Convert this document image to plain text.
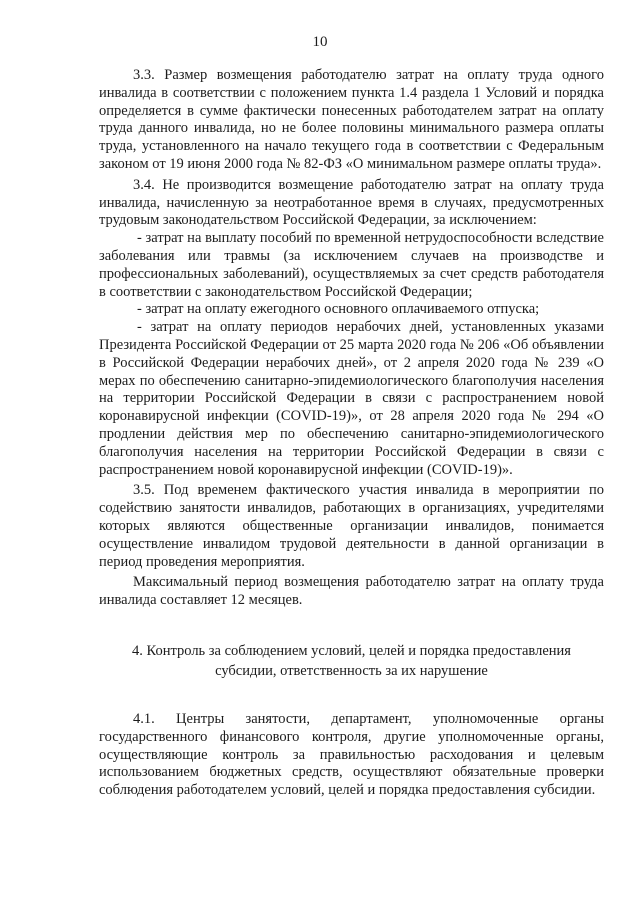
10

3.3. Размер возмещения работодателю затрат на оплату труда одного инвалида в соответствии с положением пункта 1.4 раздела 1 Условий и порядка определяется в сумме фактически понесенных работодателем затрат на оплату труда данного инвалида, но не более половины минимального размера оплаты труда, установленного на начало текущего года в соответствии с Федеральным законом от 19 июня 2000 года № 82-ФЗ «О минимальном размере оплаты труда».

3.4. Не производится возмещение работодателю затрат на оплату труда инвалида, начисленную за неотработанное время в случаях, предусмотренных трудовым законодательством Российской Федерации, за исключением:

- затрат на выплату пособий по временной нетрудоспособности вследствие заболевания или травмы (за исключением случаев на производстве и профессиональных заболеваний), осуществляемых за счет средств работодателя в соответствии с законодательством Российской Федерации;

- затрат на оплату ежегодного основного оплачиваемого отпуска;

- затрат на оплату периодов нерабочих дней, установленных указами Президента Российской Федерации от 25 марта 2020 года № 206 «Об объявлении в Российской Федерации нерабочих дней», от 2 апреля 2020 года № 239 «О мерах по обеспечению санитарно-эпидемиологического благополучия населения на территории Российской Федерации в связи с распространением новой коронавирусной инфекции (COVID-19)», от 28 апреля 2020 года № 294 «О продлении действия мер по обеспечению санитарно-эпидемиологического благополучия населения на территории Российской Федерации в связи с распространением новой коронавирусной инфекции (COVID-19)».

3.5. Под временем фактического участия инвалида в мероприятии по содействию занятости инвалидов, работающих в организациях, учредителями которых являются общественные организации инвалидов, понимается осуществление инвалидом трудовой деятельности в данной организации в период проведения мероприятия.

Максимальный период возмещения работодателю затрат на оплату труда инвалида составляет 12 месяцев.

4. Контроль за соблюдением условий, целей и порядка предоставления субсидии, ответственность за их нарушение

4.1. Центры занятости, департамент, уполномоченные органы государственного финансового контроля, другие уполномоченные органы, осуществляющие контроль за правильностью расходования и целевым использованием бюджетных средств, осуществляют обязательные проверки соблюдения работодателем условий, целей и порядка предоставления субсидии.
